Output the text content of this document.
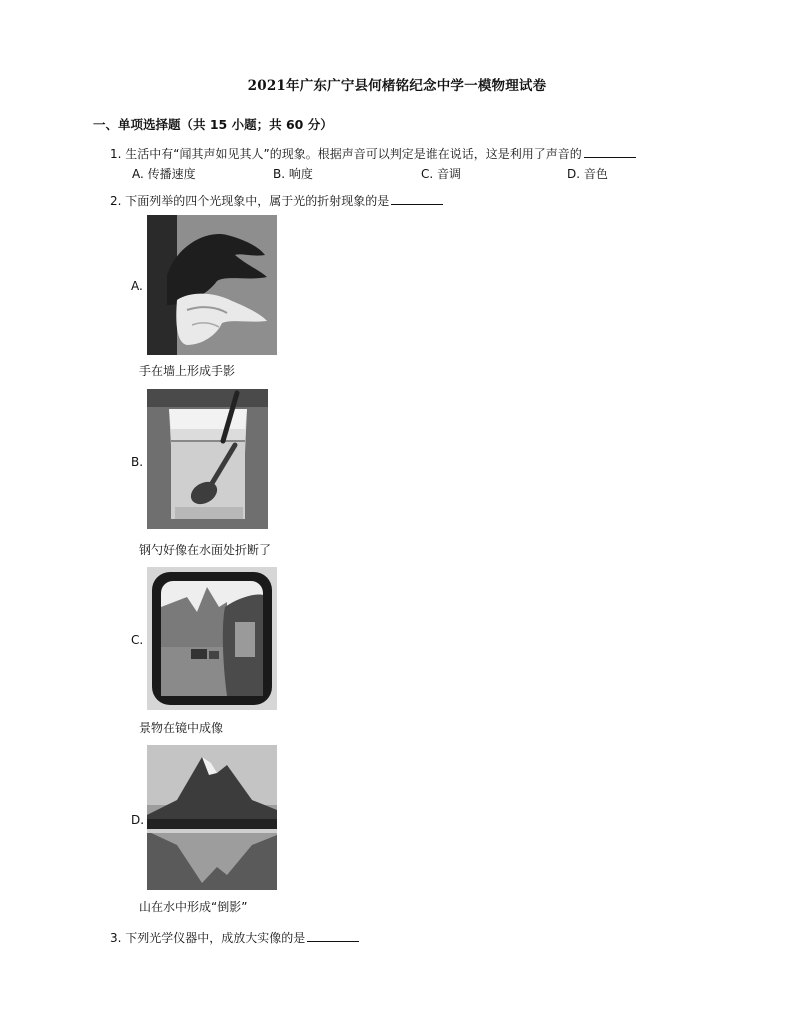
2021年广东广宁县何楮铭纪念中学一模物理试卷
一、单项选择题（共 15 小题；共 60 分）
1. 生活中有“闻其声如见其人”的现象。根据声音可以判定是谁在说话，这是利用了声音的
A. 传播速度	B. 响度	C. 音调	D. 音色
2. 下面列举的四个光现象中，属于光的折射现象的是
A.
手在墙上形成手影
B.
钢勺好像在水面处折断了
C.
景物在镜中成像
D.
山在水中形成“倒影”
3. 下列光学仪器中，成放大实像的是
